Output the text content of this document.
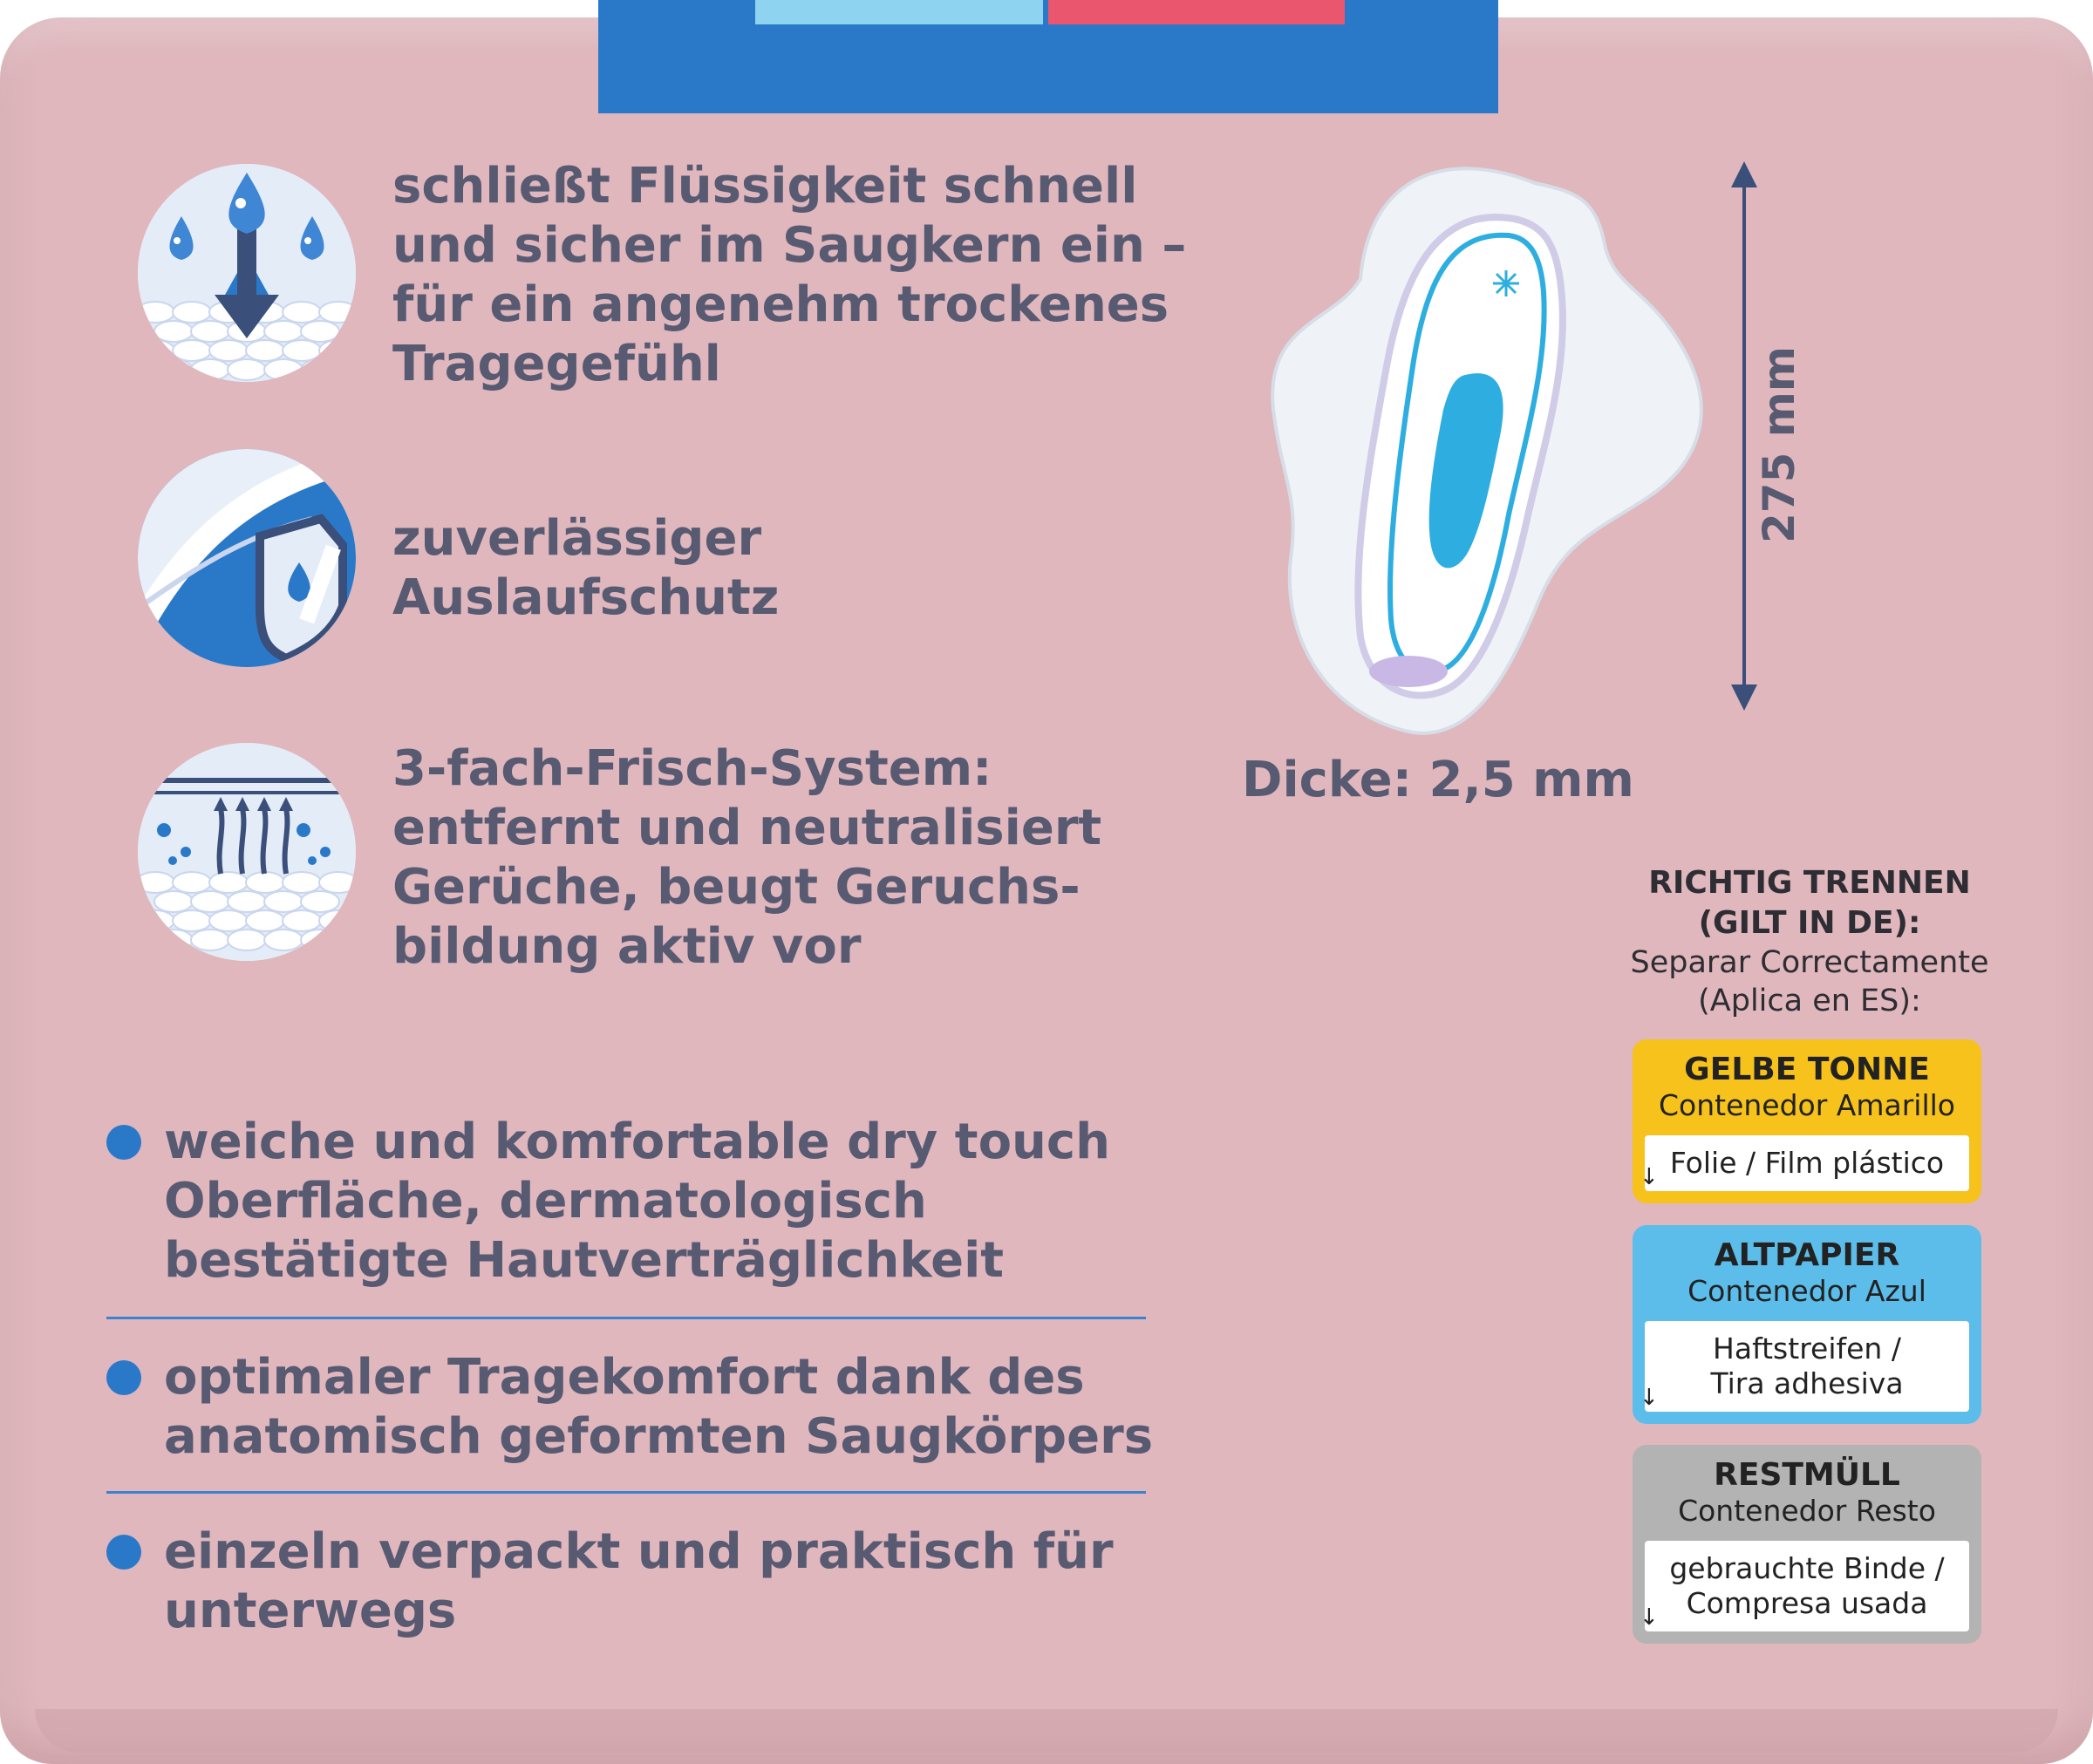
schließt Flüssigkeit schnell
und sicher im Saugkern ein –
für ein angenehm trockenes
Tragegefühl
zuverlässiger
Auslaufschutz
3-fach-Frisch-System:
entfernt und neutralisiert
Gerüche, beugt Geruchs-
bildung aktiv vor
weiche und komfortable dry touch
Oberfläche, dermatologisch
bestätigte Hautverträglichkeit
optimaler Tragekomfort dank des
anatomisch geformten Saugkörpers
einzeln verpackt und praktisch für
unterwegs
275 mm
Dicke: 2,5 mm
RICHTIG TRENNEN
(GILT IN DE):
Separar Correctamente
(Aplica en ES):
GELBE TONNE
Contenedor Amarillo
Folie / Film plástico
↓
ALTPAPIER
Contenedor Azul
Haftstreifen /
Tira adhesiva
↓
RESTMÜLL
Contenedor Resto
gebrauchte Binde /
Compresa usada
↓
